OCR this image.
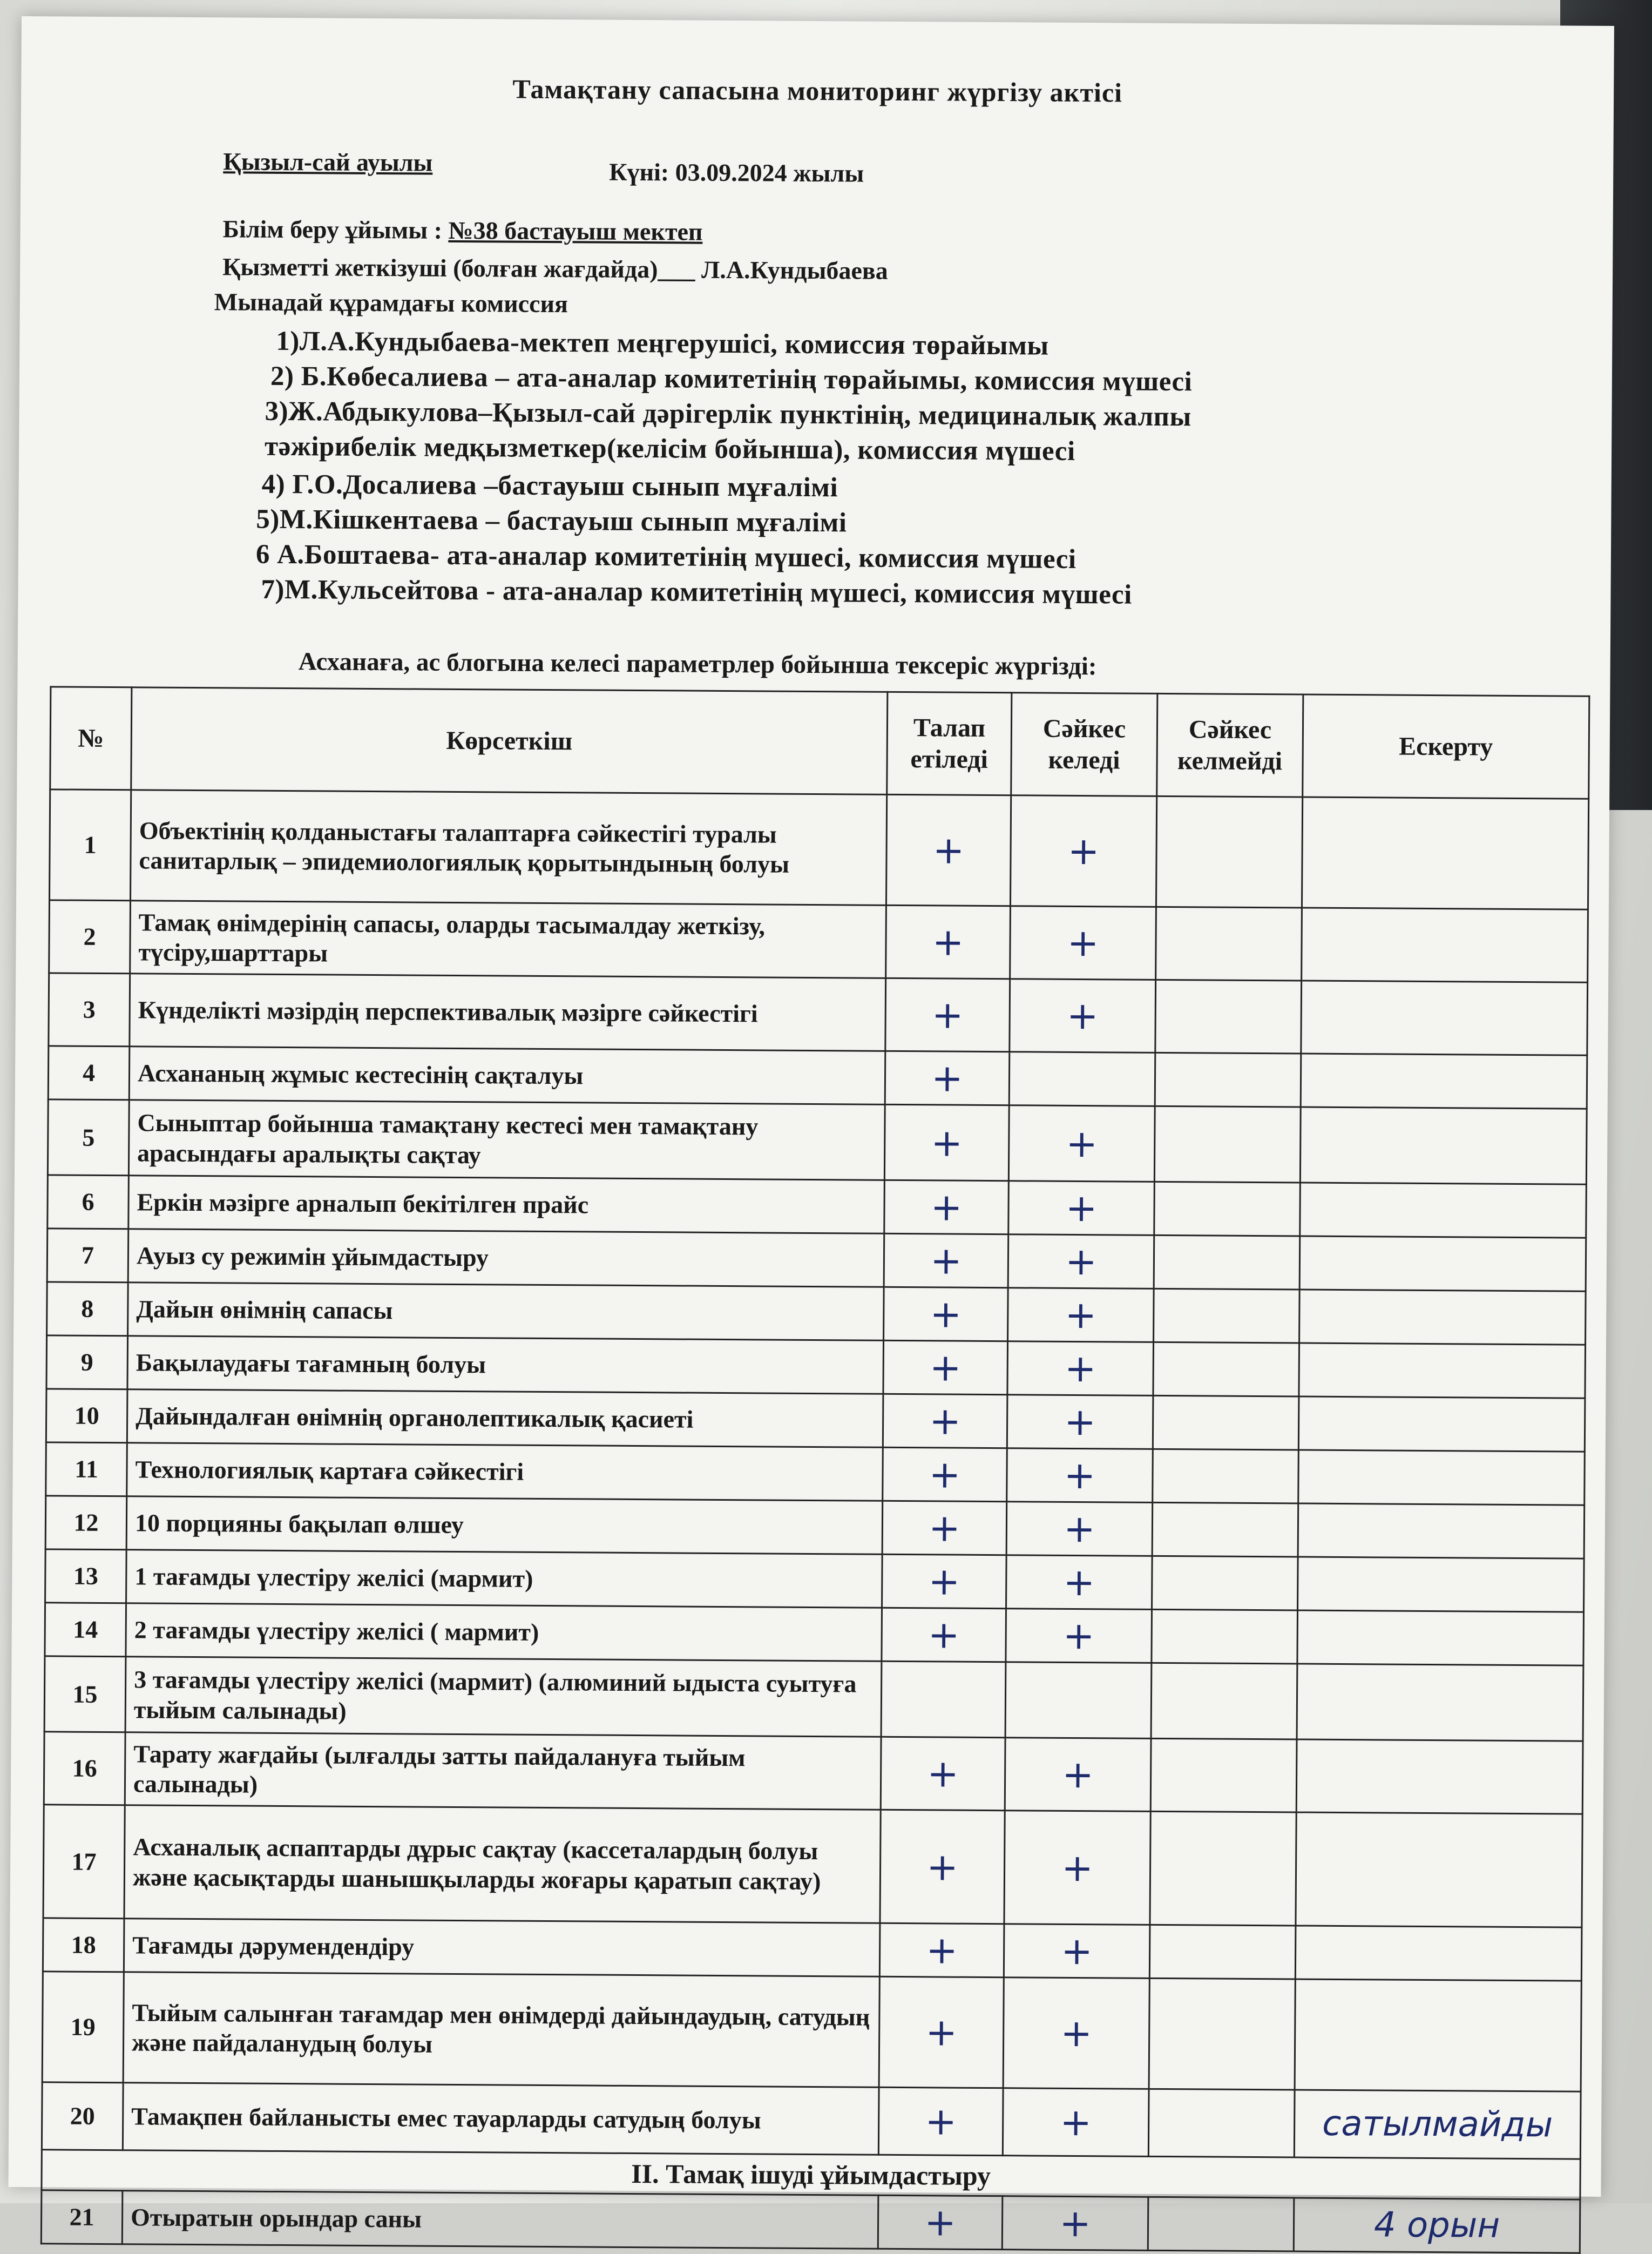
Тамақтану сапасына мониторинг жүргізу актісі
Қызыл-сай ауылы	Күні: 03.09.2024 жылы
Білім беру ұйымы : №38 бастауыш мектеп
Қызметті жеткізуші (болған жағдайда)___ Л.А.Кундыбаева
Мынадай құрамдағы комиссия
1)Л.А.Кундыбаева-мектеп меңгерушісі, комиссия төрайымы
2) Б.Көбесалиева – ата-аналар комитетінің төрайымы, комиссия мүшесі
3)Ж.Абдыкулова–Қызыл-сай дәрігерлік пунктінің, медициналық жалпы
тәжірибелік медқызметкер(келісім бойынша), комиссия мүшесі
4) Г.О.Досалиева –бастауыш сынып мұғалімі
5)М.Кішкентаева – бастауыш сынып мұғалімі
6 А.Боштаева- ата-аналар комитетінің мүшесі, комиссия мүшесі
7)М.Кульсейтова - ата-аналар комитетінің мүшесі, комиссия мүшесі
Асханаға, ас блогына келесі параметрлер бойынша тексеріс жүргізді:
№	Көрсеткіш	Талап етіледі	Сәйкес келеді	Сәйкес келмейді	Ескерту
1	Объектінің қолданыстағы талаптарға сәйкестігі туралы санитарлық – эпидемиологиялық қорытындының болуы	+	+		
2	Тамақ өнімдерінің сапасы, оларды тасымалдау жеткізу, түсіру,шарттары	+	+		
3	Күнделікті мәзірдің перспективалық мәзірге сәйкестігі	+	+		
4	Асхананың жұмыс кестесінің сақталуы	+			
5	Сыныптар бойынша тамақтану кестесі мен тамақтану арасындағы аралықты сақтау	+	+		
6	Еркін мәзірге арналып бекітілген прайс	+	+		
7	Ауыз су режимін ұйымдастыру	+	+		
8	Дайын өнімнің сапасы	+	+		
9	Бақылаудағы тағамның болуы	+	+		
10	Дайындалған өнімнің органолептикалық қасиеті	+	+		
11	Технологиялық картаға сәйкестігі	+	+		
12	10 порцияны бақылап өлшеу	+	+		
13	1 тағамды үлестіру желісі (мармит)	+	+		
14	2 тағамды үлестіру желісі ( мармит)	+	+		
15	3 тағамды үлестіру желісі (мармит) (алюминий ыдыста суытуға тыйым салынады)				
16	Тарату жағдайы (ылғалды затты пайдалануға тыйым салынады)	+	+		
17	Асханалық аспаптарды дұрыс сақтау (кассеталардың болуы және қасықтарды шанышқыларды жоғары қаратып сақтау)	+	+		
18	Тағамды дәрумендендіру	+	+		
19	Тыйым салынған тағамдар мен өнімдерді дайындаудың, сатудың және пайдаланудың болуы	+	+		
20	Тамақпен байланысты емес тауарларды сатудың болуы	+	+		сатылмайды
II. Тамақ ішуді ұйымдастыру					
21	Отыратын орындар саны	+	+		4 орын
